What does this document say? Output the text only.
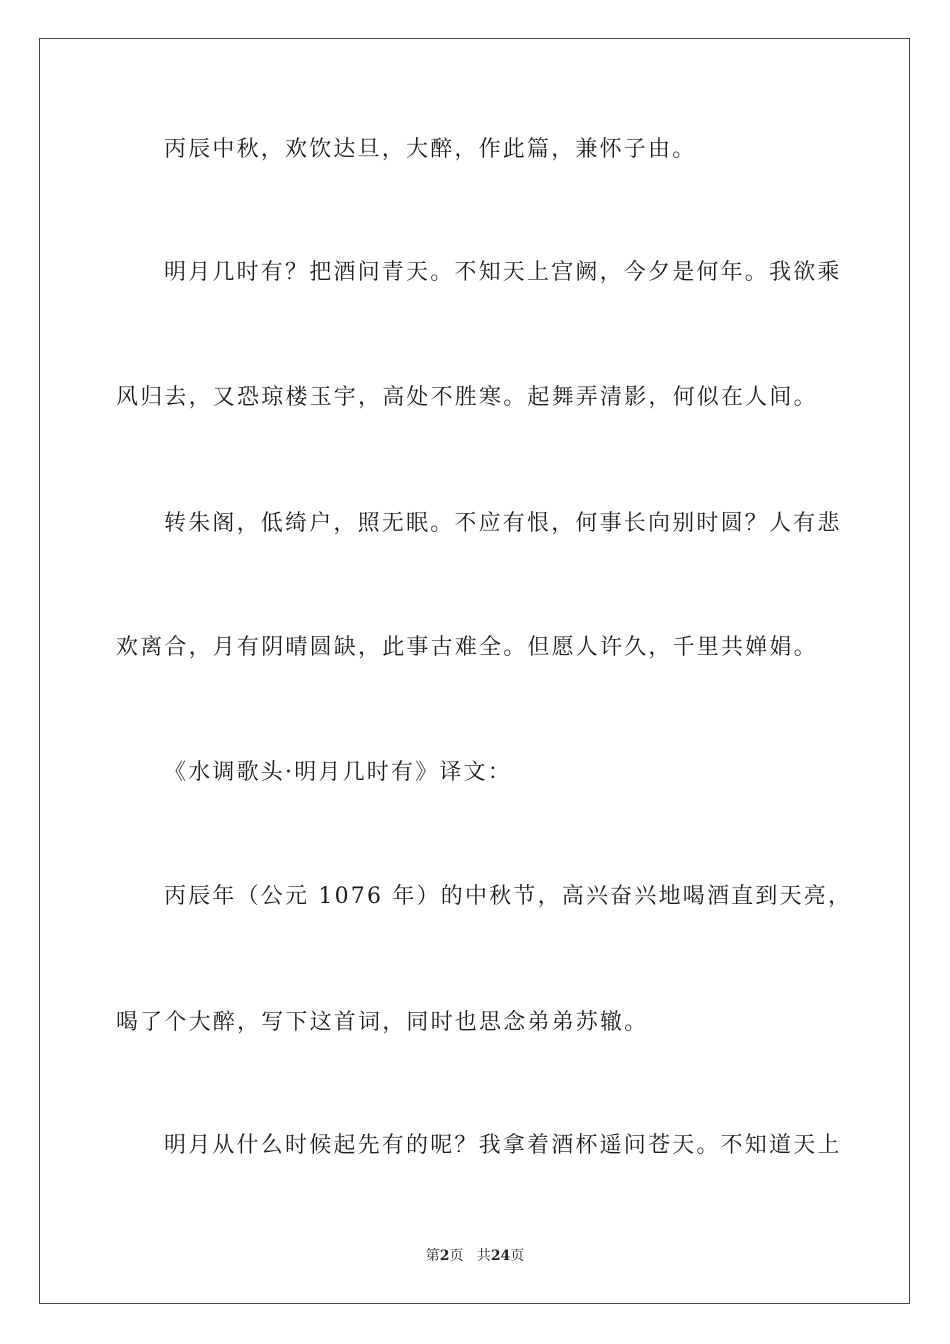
丙辰中秋，欢饮达旦，大醉，作此篇，兼怀子由。
明月几时有？把酒问青天。不知天上宫阙，今夕是何年。我欲乘
风归去，又恐琼楼玉宇，高处不胜寒。起舞弄清影，何似在人间。
转朱阁，低绮户，照无眠。不应有恨，何事长向别时圆？人有悲
欢离合，月有阴晴圆缺，此事古难全。但愿人许久，千里共婵娟。
《水调歌头·明月几时有》译文：
丙辰年（公元 1076 年）的中秋节，高兴奋兴地喝酒直到天亮，
喝了个大醉，写下这首词，同时也思念弟弟苏辙。
明月从什么时候起先有的呢？我拿着酒杯遥问苍天。不知道天上
第2页 共24页
